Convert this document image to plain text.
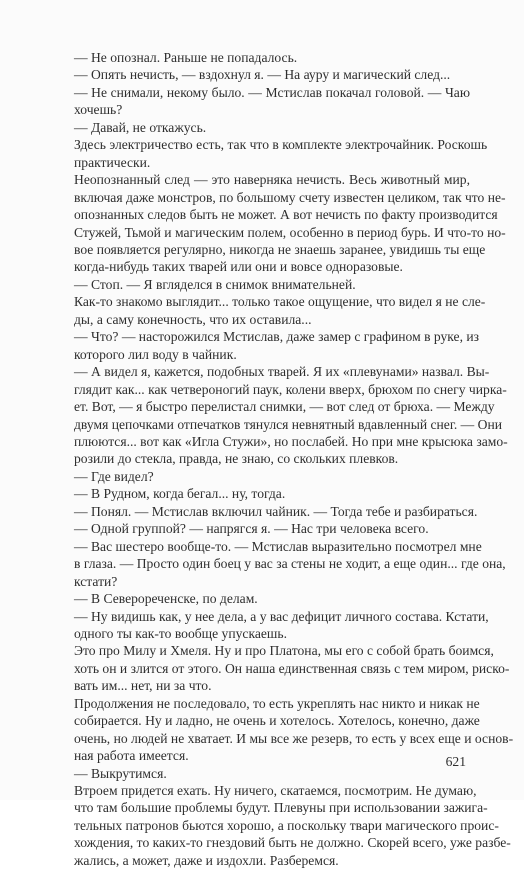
— Не опознал. Раньше не попадалось.

— Опять нечисть, — вздохнул я. — На ауру и магический след...

— Не снимали, некому было. — Мстислав покачал головой. — Чаю
хочешь?

— Давай, не откажусь.

Здесь электричество есть, так что в комплекте электрочайник. Роскошь
практически.

Неопознанный след — это наверняка нечисть. Весь животный мир,
включая даже монстров, по большому счету известен целиком, так что не-
опознанных следов быть не может. А вот нечисть по факту производится
Стужей, Тьмой и магическим полем, особенно в период бурь. И что-то но-
вое появляется регулярно, никогда не знаешь заранее, увидишь ты еще
когда-нибудь таких тварей или они и вовсе одноразовые.

— Стоп. — Я вгляделся в снимок внимательней.

Как-то знакомо выглядит... только такое ощущение, что видел я не сле-
ды, а саму конечность, что их оставила...

— Что? — насторожился Мстислав, даже замер с графином в руке, из
которого лил воду в чайник.

— А видел я, кажется, подобных тварей. Я их «плевунами» назвал. Вы-
глядит как... как четвероногий паук, колени вверх, брюхом по снегу чирка-
ет. Вот, — я быстро перелистал снимки, — вот след от брюха. — Между
двумя цепочками отпечатков тянулся невнятный вдавленный снег. — Они
плюются... вот как «Игла Стужи», но послабей. Но при мне крысюка замо-
розили до стекла, правда, не знаю, со скольких плевков.

— Где видел?

— В Рудном, когда бегал... ну, тогда.

— Понял. — Мстислав включил чайник. — Тогда тебе и разбираться.

— Одной группой? — напрягся я. — Нас три человека всего.

— Вас шестеро вообще-то. — Мстислав выразительно посмотрел мне
в глаза. — Просто один боец у вас за стены не ходит, а еще один... где она,
кстати?

— В Северореченске, по делам.

— Ну видишь как, у нее дела, а у вас дефицит личного состава. Кстати,
одного ты как-то вообще упускаешь.

Это про Милу и Хмеля. Ну и про Платона, мы его с собой брать боимся,
хоть он и злится от этого. Он наша единственная связь с тем миром, риско-
вать им... нет, ни за что.

Продолжения не последовало, то есть укреплять нас никто и никак не
собирается. Ну и ладно, не очень и хотелось. Хотелось, конечно, даже
очень, но людей не хватает. И мы все же резерв, то есть у всех еще и основ-
ная работа имеется.

— Выкрутимся.

Втроем придется ехать. Ну ничего, скатаемся, посмотрим. Не думаю,
что там большие проблемы будут. Плевуны при использовании зажига-
тельных патронов бьются хорошо, а поскольку твари магического проис-
хождения, то каких-то гнездовий быть не должно. Скорей всего, уже разбе-
жались, а может, даже и издохли. Разберемся.

621
